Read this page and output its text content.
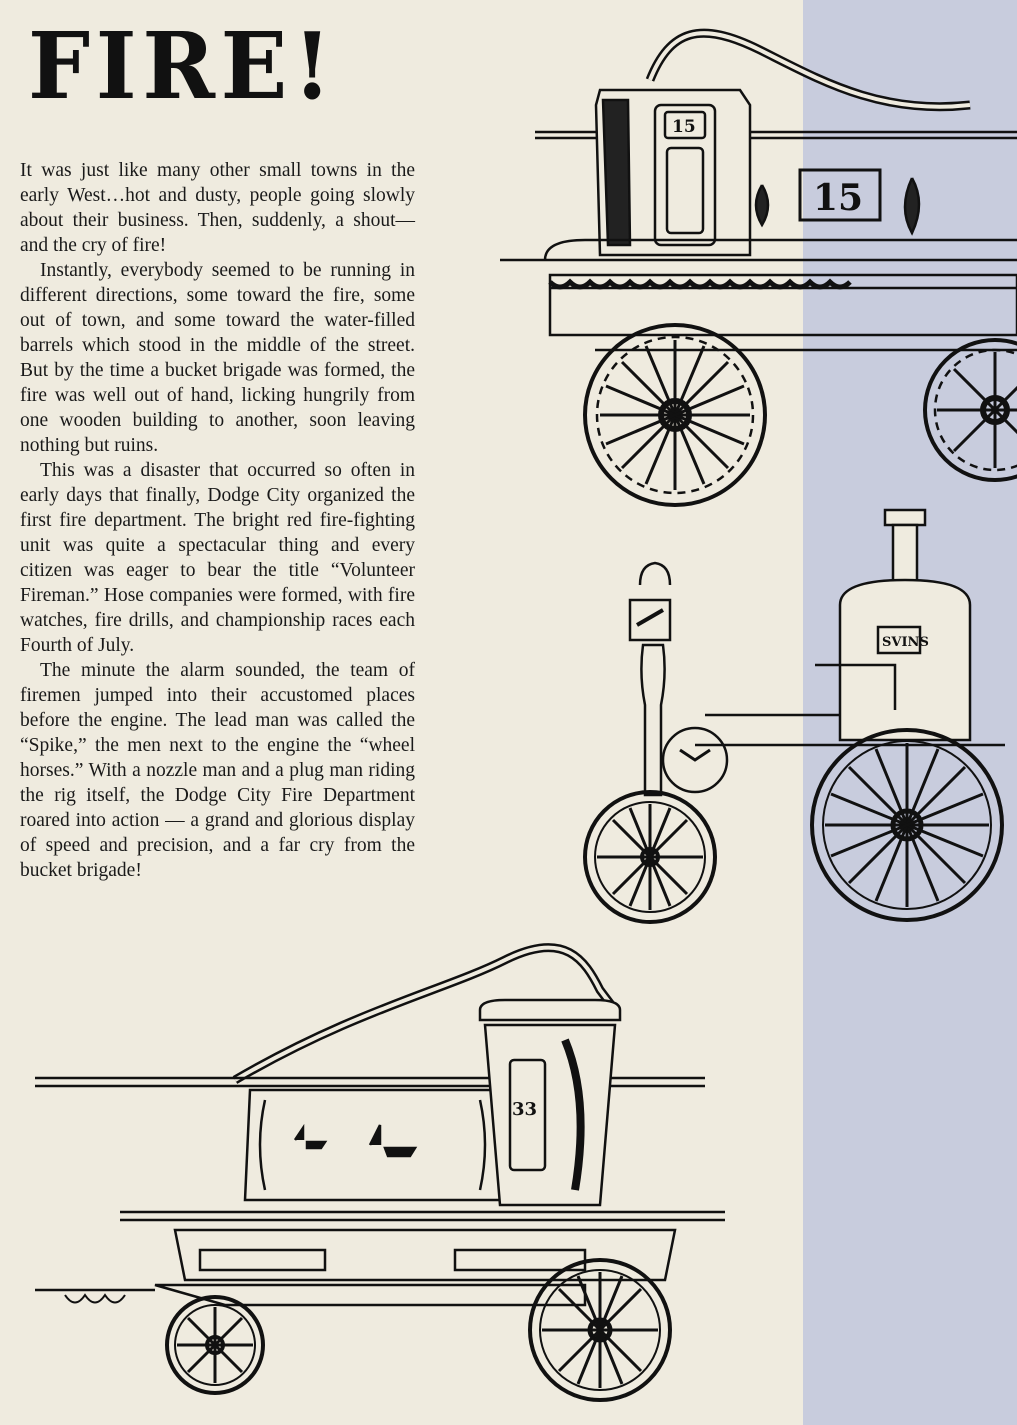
FIRE!

It was just like many other small towns in the early West…hot and dusty, people going slowly about their business. Then, suddenly, a shout—and the cry of fire!

Instantly, everybody seemed to be running in different directions, some toward the fire, some out of town, and some toward the water-filled barrels which stood in the middle of the street. But by the time a bucket brigade was formed, the fire was well out of hand, licking hungrily from one wooden building to another, soon leaving nothing but ruins.

This was a disaster that occurred so often in early days that finally, Dodge City organized the first fire department. The bright red fire-fighting unit was quite a spectacular thing and every citizen was eager to bear the title “Volunteer Fireman.” Hose companies were formed, with fire watches, fire drills, and championship races each Fourth of July.

The minute the alarm sounded, the team of firemen jumped into their accustomed places before the engine. The lead man was called the “Spike,” the men next to the engine the “wheel horses.” With a nozzle man and a plug man riding the rig itself, the Dodge City Fire Department roared into action — a grand and glorious display of speed and precision, and a far cry from the bucket brigade!

15
15
SVINS
33
